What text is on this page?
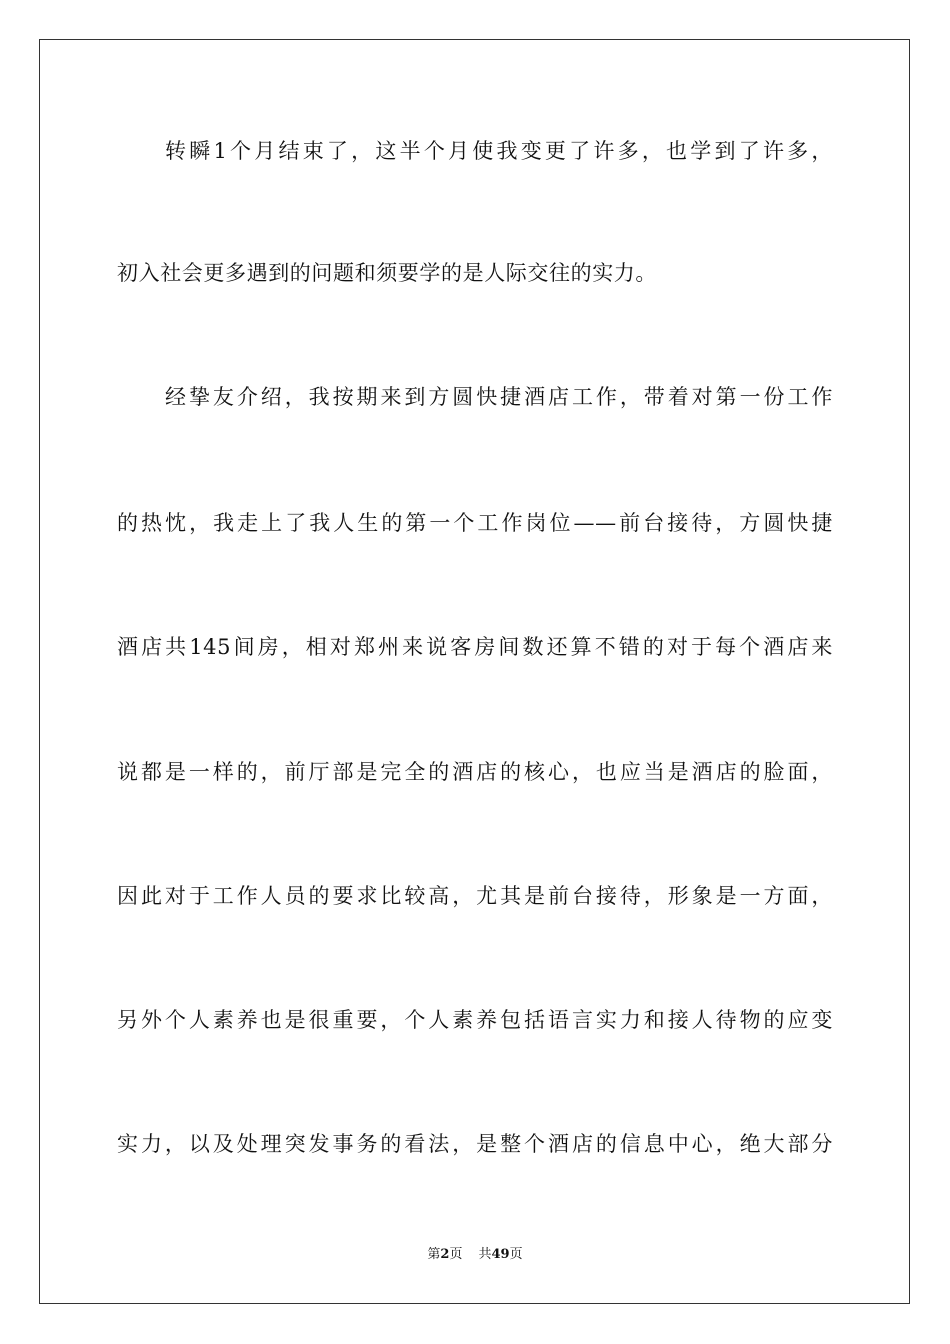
转瞬1个月结束了，这半个月使我变更了许多，也学到了许多，
初入社会更多遇到的问题和须要学的是人际交往的实力。
经挚友介绍，我按期来到方圆快捷酒店工作，带着对第一份工作
的热忱，我走上了我人生的第一个工作岗位——前台接待，方圆快捷
酒店共145间房，相对郑州来说客房间数还算不错的对于每个酒店来
说都是一样的，前厅部是完全的酒店的核心，也应当是酒店的脸面，
因此对于工作人员的要求比较高，尤其是前台接待，形象是一方面，
另外个人素养也是很重要，个人素养包括语言实力和接人待物的应变
实力，以及处理突发事务的看法，是整个酒店的信息中心，绝大部分
第2页 共49页
